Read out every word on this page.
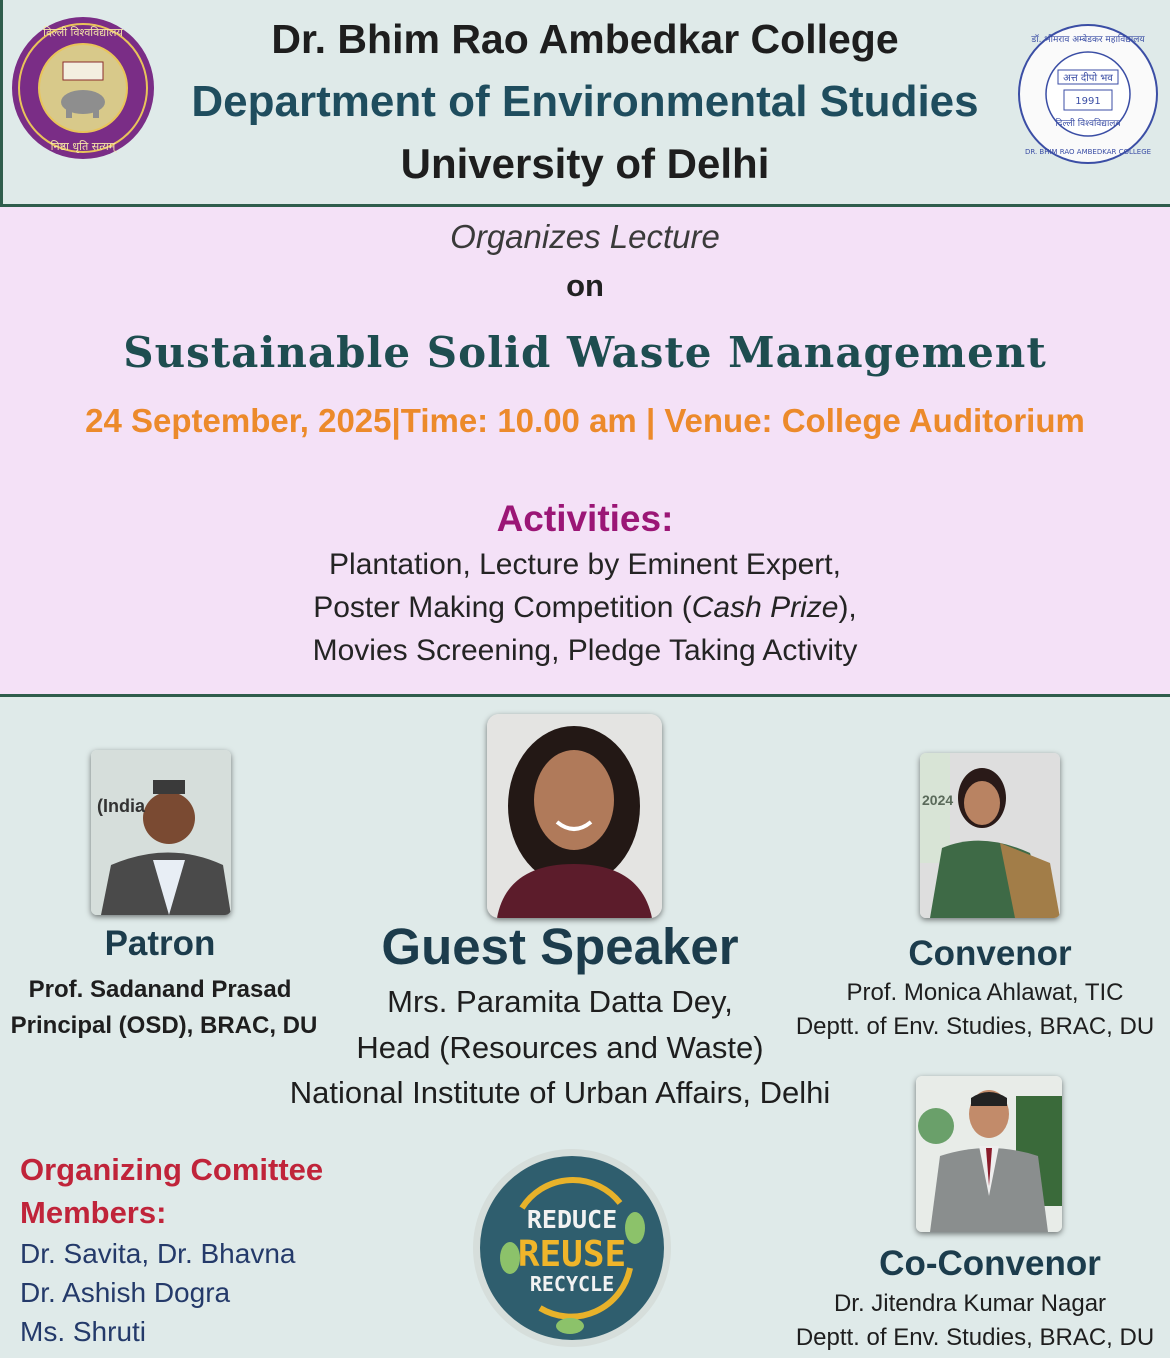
दिल्ली विश्वविद्यालय
निष्ठा धृति सत्यम्
Dr. Bhim Rao Ambedkar College
Department of Environmental Studies
University of Delhi
अत्त दीपो भव
1991
दिल्ली विश्वविद्यालय
डॉ. भीमराव अम्बेडकर महाविद्यालय
DR. BHIM RAO AMBEDKAR COLLEGE
Organizes Lecture
on
Sustainable Solid Waste Management
24 September, 2025|Time: 10.00 am | Venue: College Auditorium
Activities:
Plantation, Lecture by Eminent Expert,
Poster Making Competition (Cash Prize),
Movies Screening, Pledge Taking Activity
(India
Patron
Prof. Sadanand Prasad
Principal (OSD), BRAC, DU
Guest Speaker
Mrs. Paramita Datta Dey,
Head (Resources and Waste)
National Institute of Urban Affairs, Delhi
2024
Convenor
Prof. Monica Ahlawat, TIC
Deptt. of Env. Studies, BRAC, DU
Co-Convenor
Dr. Jitendra Kumar Nagar
Deptt. of Env. Studies, BRAC, DU
Organizing Comittee
Members:
Dr. Savita, Dr. Bhavna
Dr. Ashish Dogra
Ms. Shruti
REDUCE
REUSE
RECYCLE
